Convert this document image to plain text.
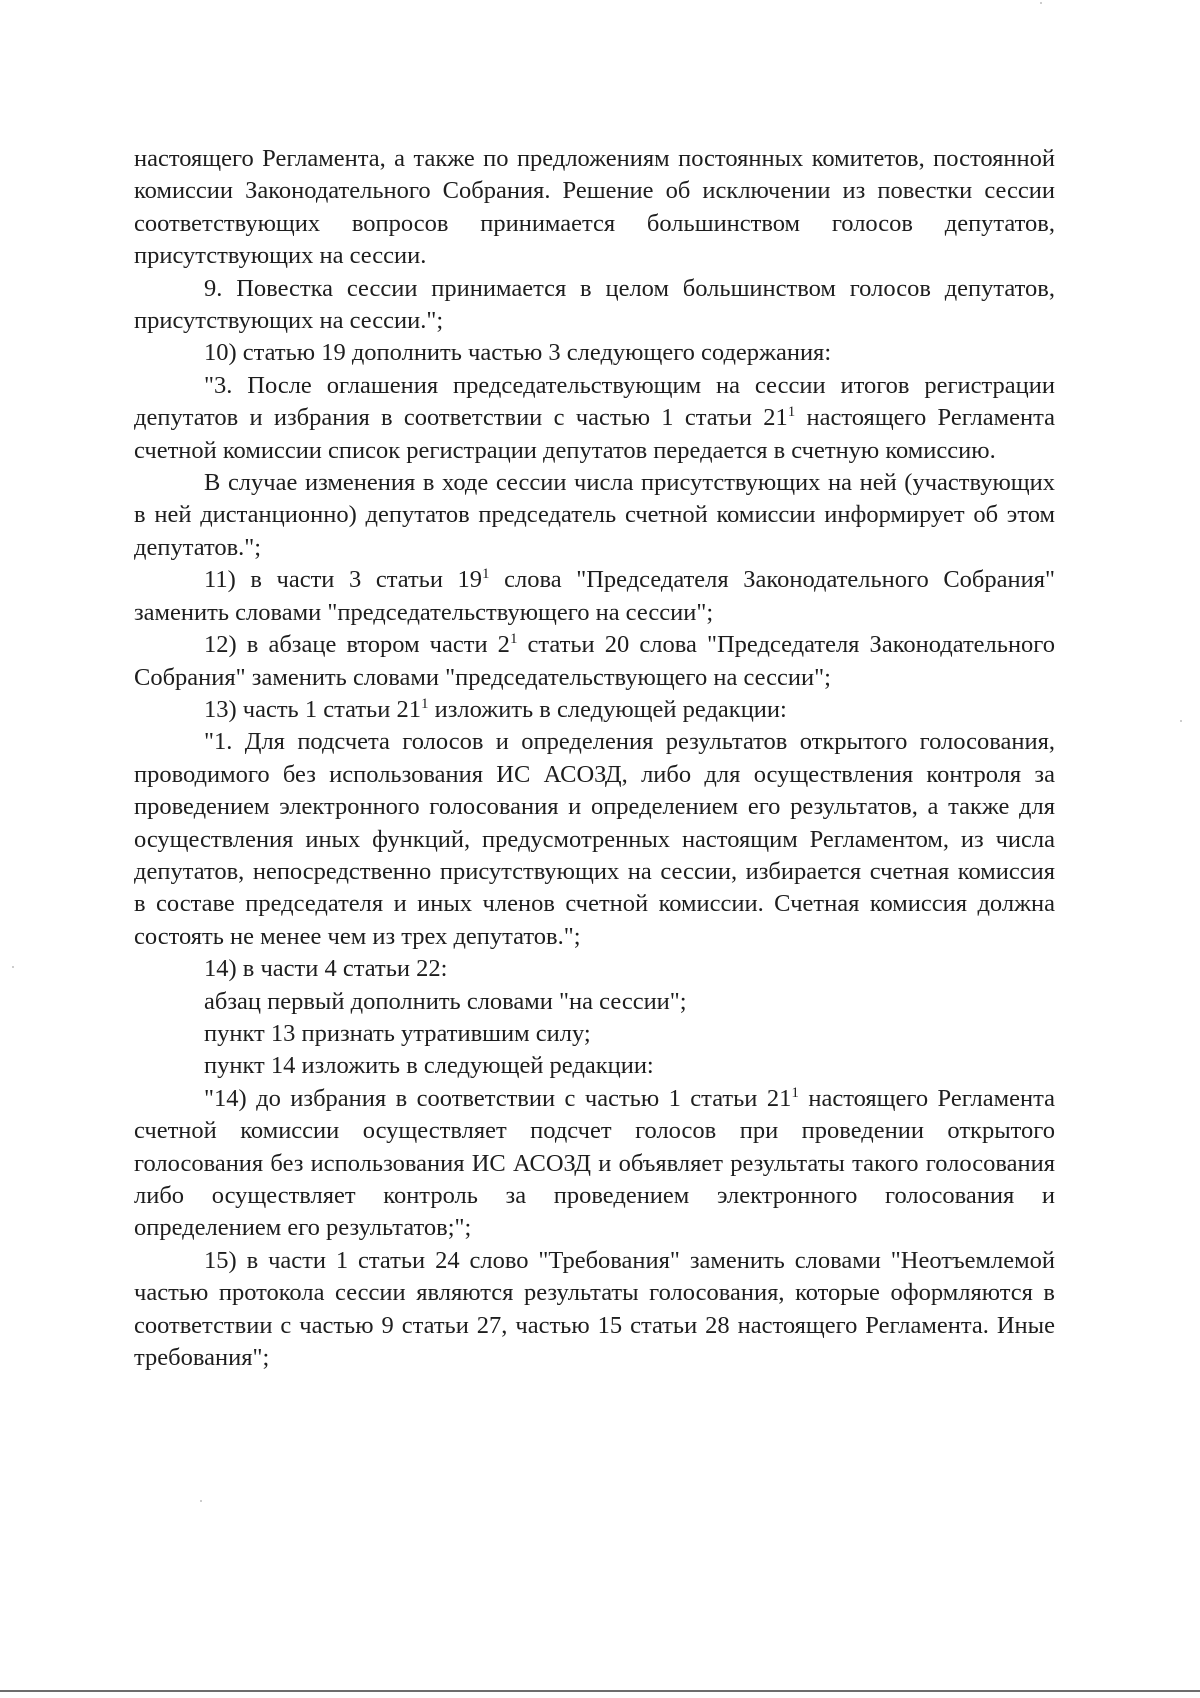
настоящего Регламента, а также по предложениям постоянных комитетов, постоянной комиссии Законодательного Собрания. Решение об исключении из повестки сессии соответствующих вопросов принимается большинством голосов депутатов, присутствующих на сессии.

9. Повестка сессии принимается в целом большинством голосов депутатов, присутствующих на сессии.";

10) статью 19 дополнить частью 3 следующего содержания:

"3. После оглашения председательствующим на сессии итогов регистрации депутатов и избрания в соответствии с частью 1 статьи $21^1$ настоящего Регламента счетной комиссии список регистрации депутатов передается в счетную комиссию.

В случае изменения в ходе сессии числа присутствующих на ней (участвующих в ней дистанционно) депутатов председатель счетной комиссии информирует об этом депутатов.";

11) в части 3 статьи $19^1$ слова "Председателя Законодательного Собрания" заменить словами "председательствующего на сессии";

12) в абзаце втором части $2^1$ статьи 20 слова "Председателя Законодательного Собрания" заменить словами "председательствующего на сессии";

13) часть 1 статьи $21^1$ изложить в следующей редакции:

"1. Для подсчета голосов и определения результатов открытого голосования, проводимого без использования ИС АСОЗД, либо для осуществления контроля за проведением электронного голосования и определением его результатов, а также для осуществления иных функций, предусмотренных настоящим Регламентом, из числа депутатов, непосредственно присутствующих на сессии, избирается счетная комиссия в составе председателя и иных членов счетной комиссии. Счетная комиссия должна состоять не менее чем из трех депутатов.";

14) в части 4 статьи 22:

абзац первый дополнить словами "на сессии";

пункт 13 признать утратившим силу;

пункт 14 изложить в следующей редакции:

"14) до избрания в соответствии с частью 1 статьи $21^1$ настоящего Регламента счетной комиссии осуществляет подсчет голосов при проведении открытого голосования без использования ИС АСОЗД и объявляет результаты такого голосования либо осуществляет контроль за проведением электронного голосования и определением его результатов;";

15) в части 1 статьи 24 слово "Требования" заменить словами "Неотъемлемой частью протокола сессии являются результаты голосования, которые оформляются в соответствии с частью 9 статьи 27, частью 15 статьи 28 настоящего Регламента. Иные требования";
